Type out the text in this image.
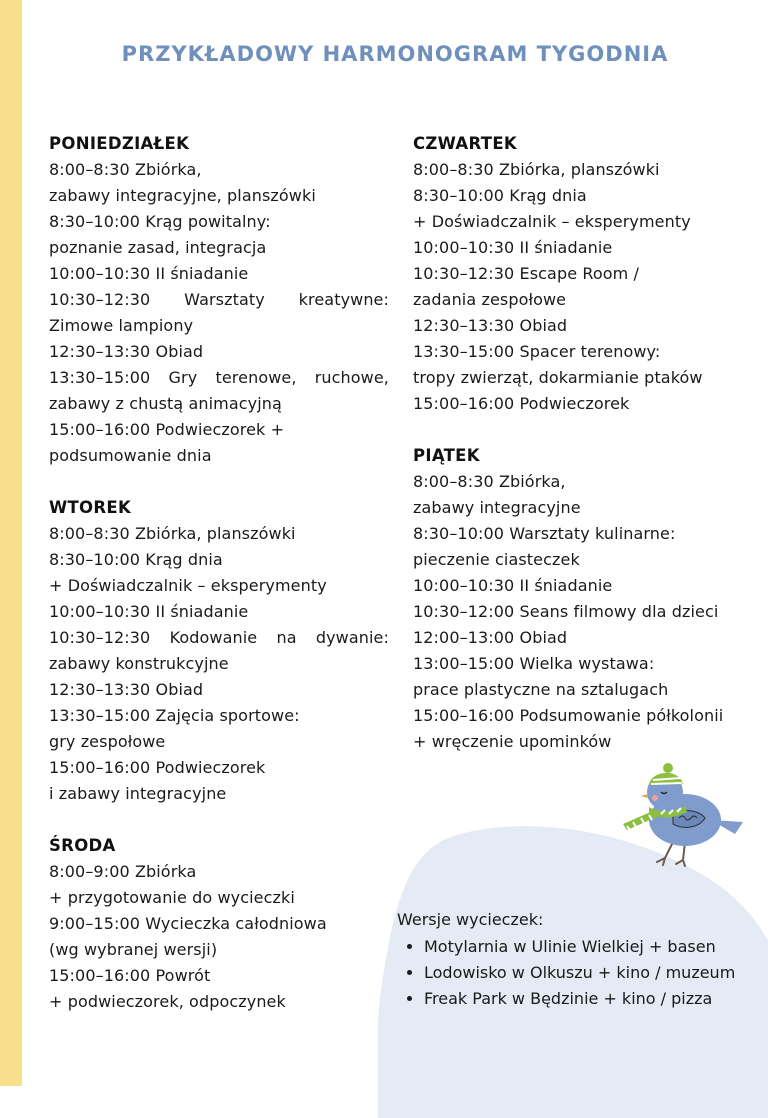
PRZYKŁADOWY HARMONOGRAM TYGODNIA
PONIEDZIAŁEK
8:00–8:30 Zbiórka,
zabawy integracyjne, planszówki
8:30–10:00 Krąg powitalny:
poznanie zasad, integracja
10:00–10:30 II śniadanie
10:30–12:30 Warsztaty kreatywne:
Zimowe lampiony
12:30–13:30 Obiad
13:30–15:00 Gry terenowe, ruchowe,
zabawy z chustą animacyjną
15:00–16:00 Podwieczorek +
podsumowanie dnia
WTOREK
8:00–8:30 Zbiórka, planszówki
8:30–10:00 Krąg dnia
+ Doświadczalnik – eksperymenty
10:00–10:30 II śniadanie
10:30–12:30 Kodowanie na dywanie:
zabawy konstrukcyjne
12:30–13:30 Obiad
13:30–15:00 Zajęcia sportowe:
gry zespołowe
15:00–16:00 Podwieczorek
i zabawy integracyjne
ŚRODA
8:00–9:00 Zbiórka
+ przygotowanie do wycieczki
9:00–15:00 Wycieczka całodniowa
(wg wybranej wersji)
15:00–16:00 Powrót
+ podwieczorek, odpoczynek
CZWARTEK
8:00–8:30 Zbiórka, planszówki
8:30–10:00 Krąg dnia
+ Doświadczalnik – eksperymenty
10:00–10:30 II śniadanie
10:30–12:30 Escape Room /
zadania zespołowe
12:30–13:30 Obiad
13:30–15:00 Spacer terenowy:
tropy zwierząt, dokarmianie ptaków
15:00–16:00 Podwieczorek
PIĄTEK
8:00–8:30 Zbiórka,
zabawy integracyjne
8:30–10:00 Warsztaty kulinarne:
pieczenie ciasteczek
10:00–10:30 II śniadanie
10:30–12:00 Seans filmowy dla dzieci
12:00–13:00 Obiad
13:00–15:00 Wielka wystawa:
prace plastyczne na sztalugach
15:00–16:00 Podsumowanie półkolonii
+ wręczenie upominków
Wersje wycieczek:
• Motylarnia w Ulinie Wielkiej + basen
• Lodowisko w Olkuszu + kino / muzeum
• Freak Park w Będzinie + kino / pizza
